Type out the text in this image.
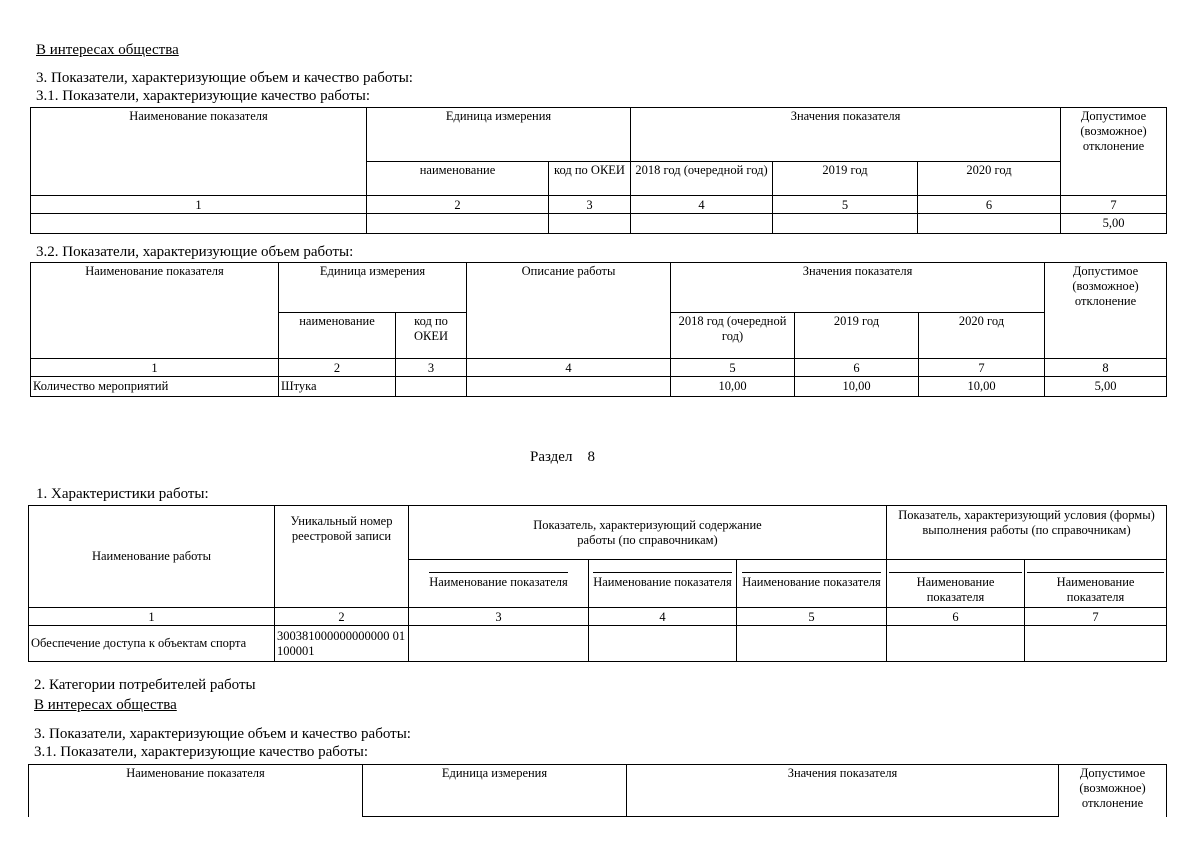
В интересах общества
3. Показатели, характеризующие объем и качество работы:
3.1. Показатели, характеризующие качество работы:
Наименование показателя	Единица измерения		Значения показателя			Допустимое (возможное) отклонение
	наименование	код по ОКЕИ	2018 год (очередной год)	2019 год	2020 год	
1	2	3	4	5	6	7
						5,00
3.2. Показатели, характеризующие объем работы:
Наименование показателя	Единица измерения		Описание работы	Значения показателя			Допустимое (возможное) отклонение
	наименование	код по ОКЕИ		2018 год (очередной год)	2019 год	2020 год	
1	2	3	4	5	6	7	8
Количество мероприятий	Штука			10,00	10,00	10,00	5,00
Раздел 8
1. Характеристики работы:
Наименование работы	Уникальный номер реестровой записи	Показатель, характеризующий содержание работы (по справочникам)			Показатель, характеризующий условия (формы) выполнения работы (по справочникам)	
		Наименование показателя	Наименование показателя	Наименование показателя	Наименование показателя	Наименование показателя
1	2	3	4	5	6	7
Обеспечение доступа к объектам спорта	300381000000000000 01100001					
2. Категории потребителей работы
В интересах общества
3. Показатели, характеризующие объем и качество работы:
3.1. Показатели, характеризующие качество работы:
Наименование показателя	Единица измерения	Значения показателя	Допустимое (возможное) отклонение
